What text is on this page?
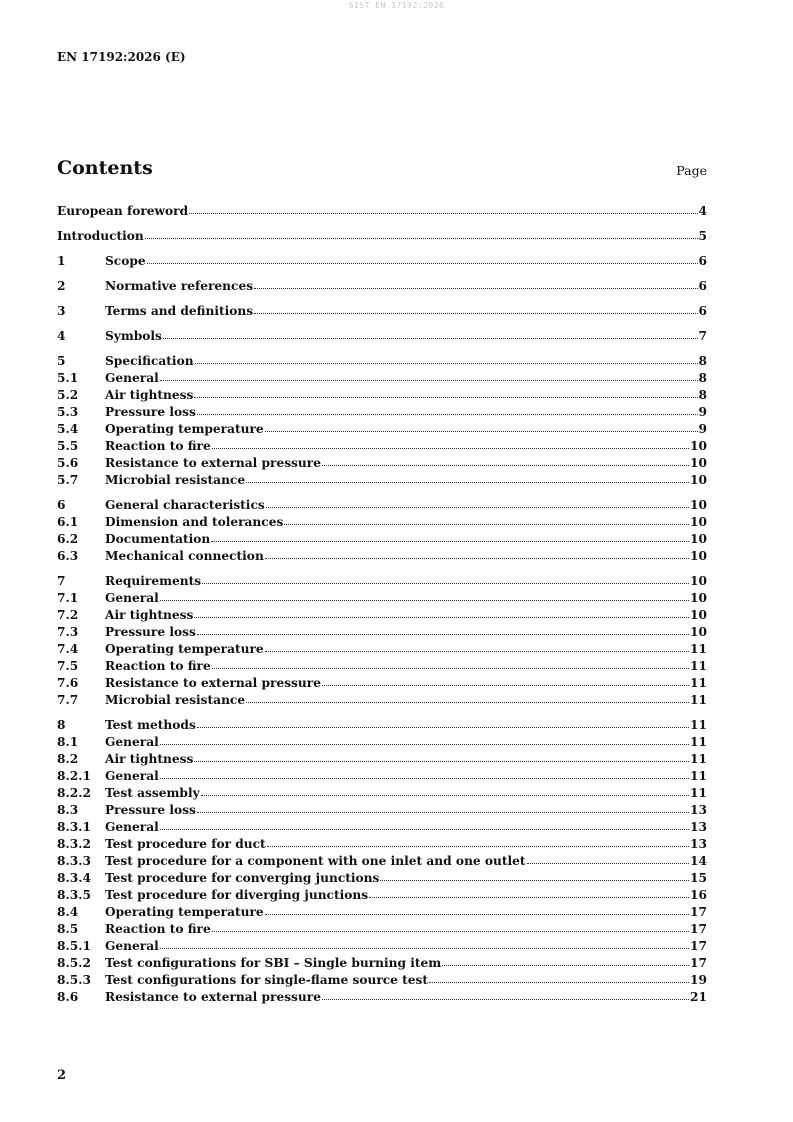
SIST EN 17192:2026
EN 17192:2026 (E)
Contents	Page
European foreword	4
Introduction	5
1	Scope	6
2	Normative references	6
3	Terms and definitions	6
4	Symbols	7
5	Specification	8
5.1	General	8
5.2	Air tightness	8
5.3	Pressure loss	9
5.4	Operating temperature	9
5.5	Reaction to fire	10
5.6	Resistance to external pressure	10
5.7	Microbial resistance	10
6	General characteristics	10
6.1	Dimension and tolerances	10
6.2	Documentation	10
6.3	Mechanical connection	10
7	Requirements	10
7.1	General	10
7.2	Air tightness	10
7.3	Pressure loss	10
7.4	Operating temperature	11
7.5	Reaction to fire	11
7.6	Resistance to external pressure	11
7.7	Microbial resistance	11
8	Test methods	11
8.1	General	11
8.2	Air tightness	11
8.2.1	General	11
8.2.2	Test assembly	11
8.3	Pressure loss	13
8.3.1	General	13
8.3.2	Test procedure for duct	13
8.3.3	Test procedure for a component with one inlet and one outlet	14
8.3.4	Test procedure for converging junctions	15
8.3.5	Test procedure for diverging junctions	16
8.4	Operating temperature	17
8.5	Reaction to fire	17
8.5.1	General	17
8.5.2	Test configurations for SBI – Single burning item	17
8.5.3	Test configurations for single-flame source test	19
8.6	Resistance to external pressure	21
2
